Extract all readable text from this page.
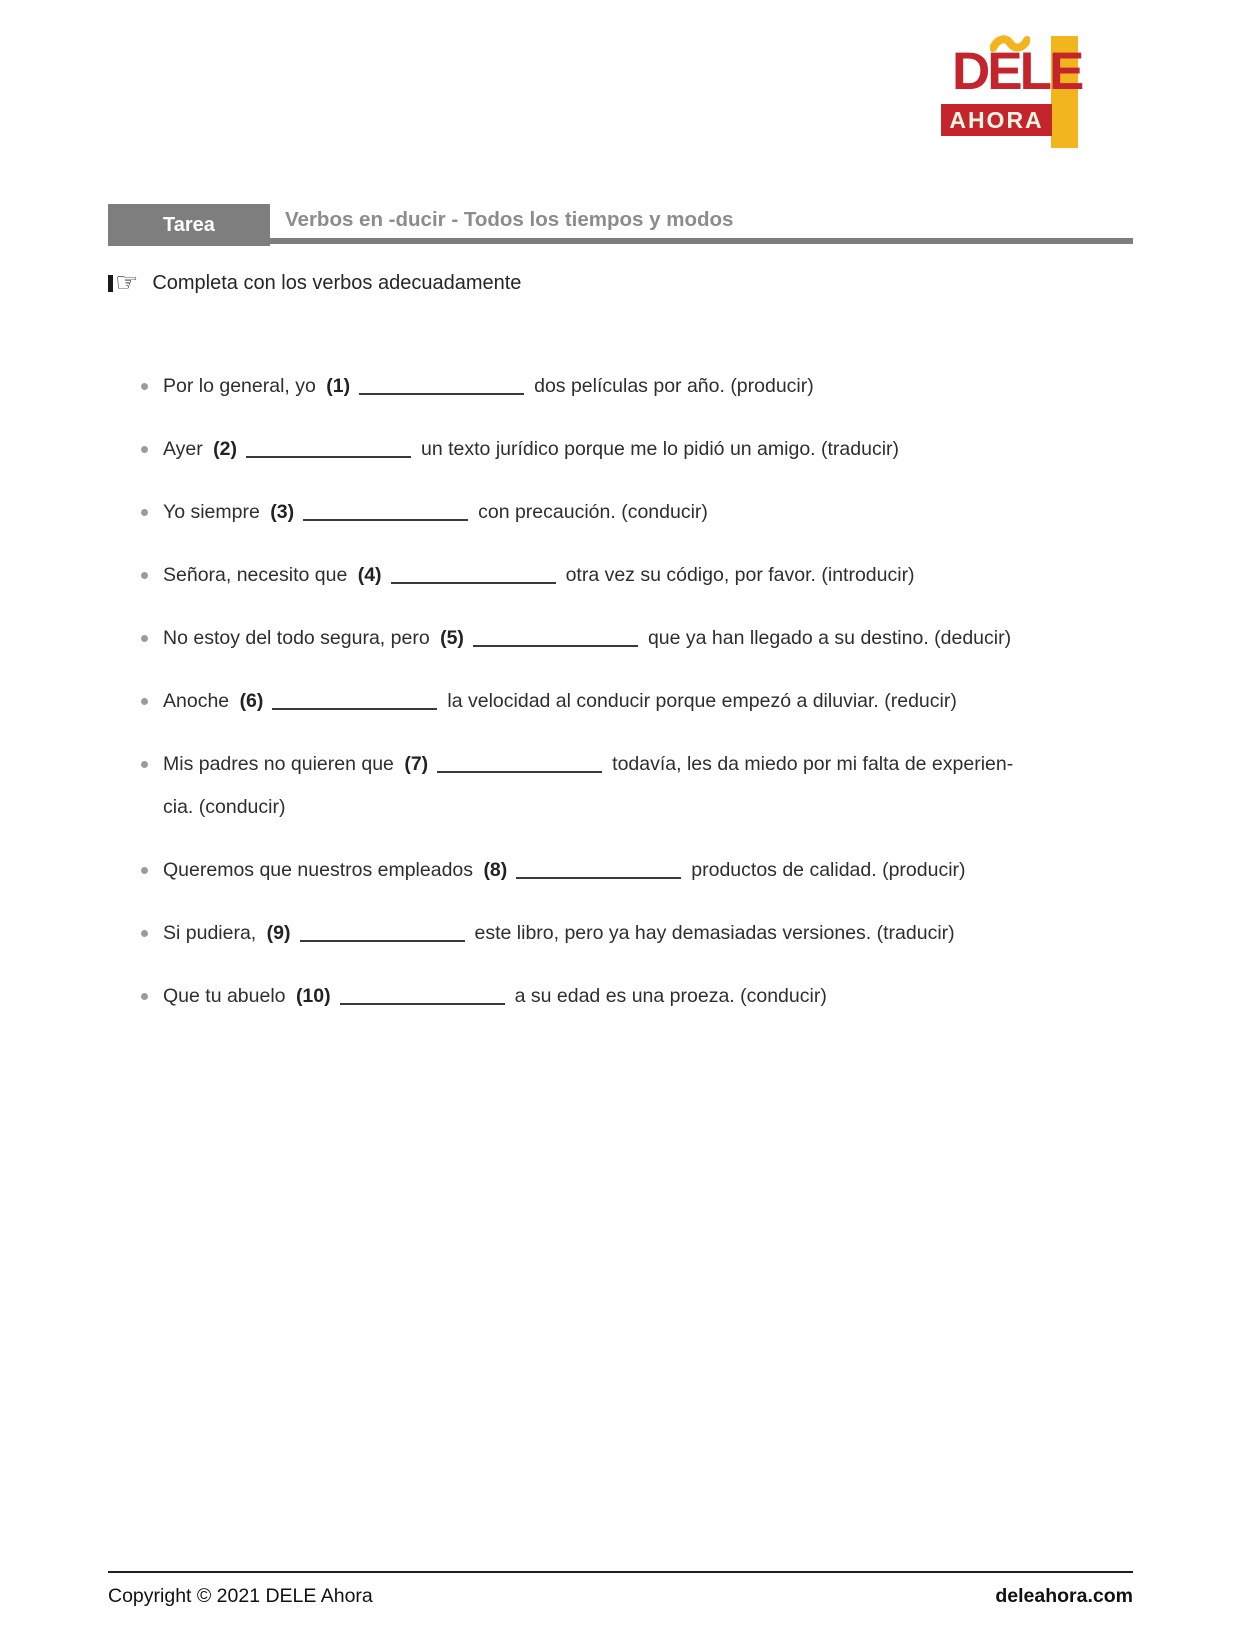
DELE
AHORA
Tarea	Verbos en -ducir - Todos los tiempos y modos
☞ Completa con los verbos adecuadamente
Por lo general, yo (1)	dos películas por año. (producir)
Ayer (2)	un texto jurídico porque me lo pidió un amigo. (traducir)
Yo siempre (3)	con precaución. (conducir)
Señora, necesito que (4)	otra vez su código, por favor. (introducir)
No estoy del todo segura, pero (5)	que ya han llegado a su destino. (deducir)
Anoche (6)	la velocidad al conducir porque empezó a diluviar. (reducir)
Mis padres no quieren que (7)	todavía, les da miedo por mi falta de experien-
cia. (conducir)
Queremos que nuestros empleados (8)	productos de calidad. (producir)
Si pudiera, (9)	este libro, pero ya hay demasiadas versiones. (traducir)
Que tu abuelo (10)	a su edad es una proeza. (conducir)
Copyright © 2021 DELE Ahora	deleahora.com
